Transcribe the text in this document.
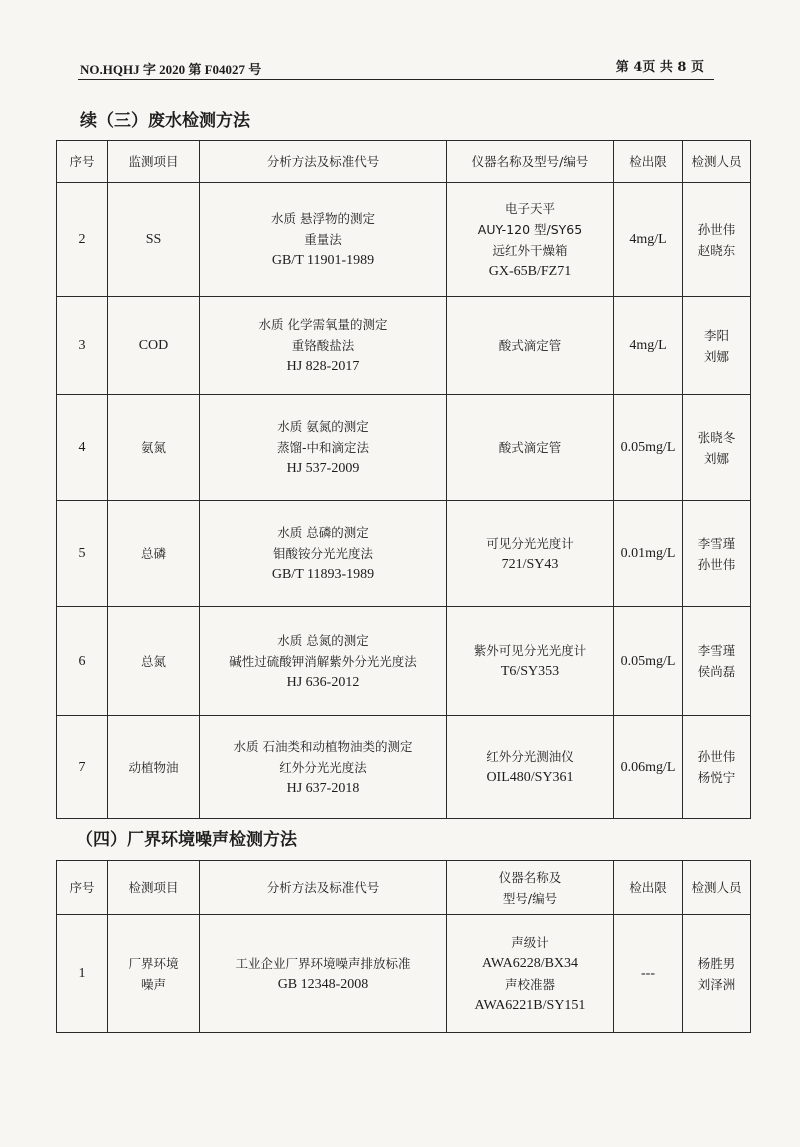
NO.HQHJ 字 2020 第 F04027 号	第 4页 共 8 页
续（三）废水检测方法
序号	监测项目	分析方法及标准代号	仪器名称及型号/编号	检出限	检测人员
2	SS	水质 悬浮物的测定
重量法
GB/T 11901-1989	电子天平
AUY-120 型/SY65
远红外干燥箱
GX-65B/FZ71	4mg/L	孙世伟
赵晓东

3	COD	水质 化学需氧量的测定
重铬酸盐法
HJ 828-2017	酸式滴定管	4mg/L	李阳
刘娜

4	氨氮	水质 氨氮的测定
蒸馏-中和滴定法
HJ 537-2009	酸式滴定管	0.05mg/L	张晓冬
刘娜

5	总磷	水质 总磷的测定
钼酸铵分光光度法
GB/T 11893-1989	可见分光光度计
721/SY43	0.01mg/L	李雪瑾
孙世伟

6	总氮	水质 总氮的测定
碱性过硫酸钾消解紫外分光光度法
HJ 636-2012	紫外可见分光光度计
T6/SY353	0.05mg/L	李雪瑾
侯尚磊

7	动植物油	水质 石油类和动植物油类的测定
红外分光光度法
HJ 637-2018	红外分光测油仪
OIL480/SY361	0.06mg/L	孙世伟
杨悦宁
（四）厂界环境噪声检测方法
序号	检测项目	分析方法及标准代号	仪器名称及
型号/编号	检出限	检测人员
1	厂界环境
噪声	工业企业厂界环境噪声排放标准
GB 12348-2008	声级计
AWA6228/BX34
声校准器
AWA6221B/SY151	---	杨胜男
刘泽洲
